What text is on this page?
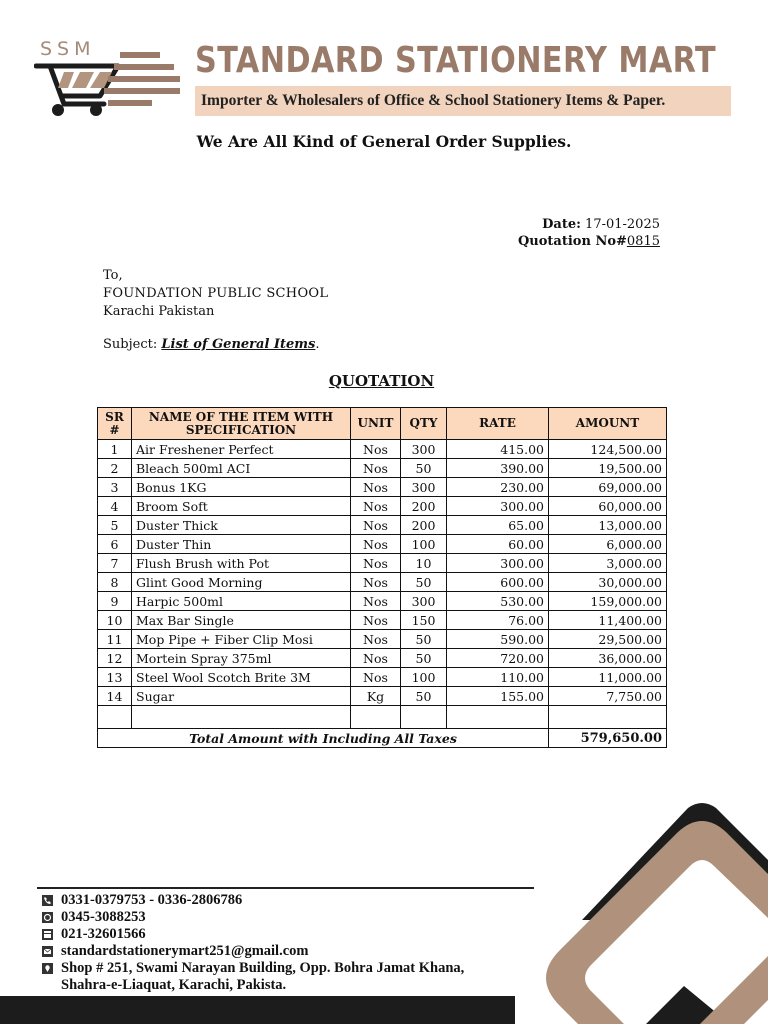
SSM	STANDARD STATIONERY MART
Importer & Wholesalers of Office & School Stationery Items & Paper.
We Are All Kind of General Order Supplies.
Date: 17-01-2025
Quotation No#0815
To,
FOUNDATION PUBLIC SCHOOL
Karachi Pakistan
Subject: List of General Items.
QUOTATION
SR #	NAME OF THE ITEM WITH SPECIFICATION	UNIT	QTY	RATE	AMOUNT
1	Air Freshener Perfect	Nos	300	415.00	124,500.00
2	Bleach 500ml ACI	Nos	50	390.00	19,500.00
3	Bonus 1KG	Nos	300	230.00	69,000.00
4	Broom Soft	Nos	200	300.00	60,000.00
5	Duster Thick	Nos	200	65.00	13,000.00
6	Duster Thin	Nos	100	60.00	6,000.00
7	Flush Brush with Pot	Nos	10	300.00	3,000.00
8	Glint Good Morning	Nos	50	600.00	30,000.00
9	Harpic 500ml	Nos	300	530.00	159,000.00
10	Max Bar Single	Nos	150	76.00	11,400.00
11	Mop Pipe + Fiber Clip Mosi	Nos	50	590.00	29,500.00
12	Mortein Spray 375ml	Nos	50	720.00	36,000.00
13	Steel Wool Scotch Brite 3M	Nos	100	110.00	11,000.00
14	Sugar	Kg	50	155.00	7,750.00

Total Amount with Including All Taxes					579,650.00
0331-0379753 - 0336-2806786
0345-3088253
021-32601566
standardstationerymart251@gmail.com
Shop # 251, Swami Narayan Building, Opp. Bohra Jamat Khana,
Shahra-e-Liaquat, Karachi, Pakista.
